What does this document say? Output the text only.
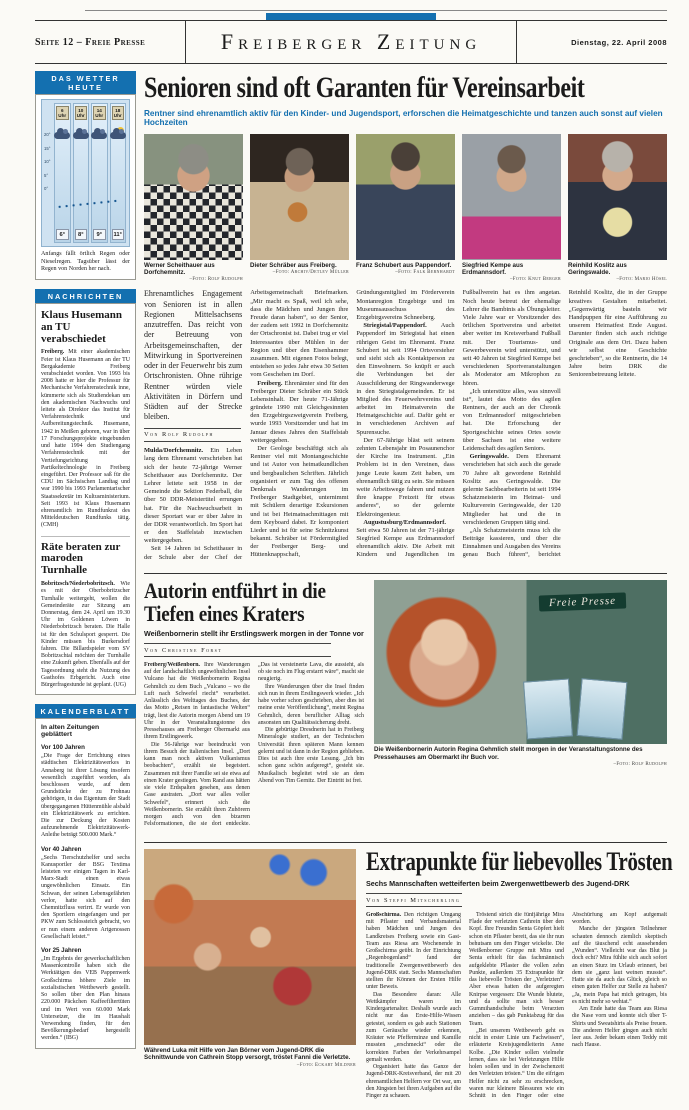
Seite 12 – Freie Presse	Freiberger Zeitung	Dienstag, 22. April 2008
DAS WETTER HEUTE
20°
15°
10°
5°
0°
6 Uhr
6°
10 Uhr
8°
14 Uhr
9°
18 Uhr
11°

Anfangs fällt örtlich Regen oder Nieselregen. Tagsüber lässt der Regen von Norden her nach.

NACHRICHTEN
Klaus Husemann an TU verabschiedet

Freiberg. Mit einer akademischen Feier ist Klaus Husemann an der TU Bergakademie Freiberg verabschiedet worden. Von 1993 bis 2008 hatte er hier die Professur für Mechanische Verfahrenstechnik inne, kümmerte sich als Studiendekan um den akademischen Nachwuchs und leitete als Direktor das Institut für Verfahrenstechnik und Aufbereitungstechnik. Husemann, 1942 in Meißen geboren, war in über 17 Forschungsprojekte eingebunden und hatte 1994 den Studiengang Verfahrenstechnik mit der Vertiefungsrichtung Partikeltechnologie in Freiberg eingeführt. Der Professor saß für die CDU im Sächsischen Landtag und war 1990 bis 1993 Parlamentarischer Staatssekretär im Kultusministerium. Seit 1993 ist Klaus Husemann ehrenamtlich im Rundfunkrat des Mitteldeutschen Rundfunks tätig. (CMH)

Räte beraten zur maroden Turnhalle

Bobritzsch/Niederbobritzsch. Wie es mit der Oberbobritzscher Turnhalle weitergeht, wollen die Gemeinderäte zur Sitzung am Donnerstag, dem 24. April um 19.30 Uhr im Goldenen Löwen in Niederbobritzsch beraten. Die Halle ist für den Schulsport gesperrt. Die Kinder müssen bis Burkersdorf fahren. Die Billardspieler vom SV Bobritzschtal möchten der Turnhalle eine Zukunft geben. Ebenfalls auf der Tagesordnung steht die Nutzung des Gasthofes Erbgericht. Auch eine Bürgerfragestunde ist geplant. (UG)

KALENDERBLATT
In alten Zeitungen geblättert
Vor 100 Jahren

„Die Frage der Errichtung eines städtischen Elektrizitätswerkes in Annaberg ist ihrer Lösung insofern wesentlich zugeführt worden, als beschlossen wurde, auf dem Grundstücke der zu Frohnau gehörigen, in das Eigentum der Stadt übergegangenen Hüttenmühle alsbald ein Elektrizitätswerk zu errichten. Die zur Deckung der Kosten aufzunehmende Elektrizitätswerk-Anleihe beträgt 500.000 Mark.“

Vor 40 Jahren

„Sechs Tierschutzhelfer und sechs Kanusportler der BSG Textima leisteten vor einigen Tagen in Karl-Marx-Stadt einen etwas ungewöhnlichen Einsatz. Ein Schwan, der seinen Lebensgefährten verlor, hatte sich auf den Chemnitzfluss verirrt. Er wurde von den Sportlern eingefangen und per PKW zum Schlossteich gebracht, wo er nun einem anderen Artgenossen Gesellschaft leistet.“

Vor 25 Jahren

„Im Ergebnis der gewerkschaftlichen Massenkontrolle haben sich die Werktätigen des VEB Pappenwerk Großschirma höhere Ziele im sozialistischen Wettbewerb gestellt. So sollen über den Plan hinaus 220.000 Päckchen Kaffeefiltertüten und im Wert von 60.000 Mark Untersetzer, die im Haushalt Verwendung finden, für den Bevölkerungsbedarf hergestellt werden.“ (IBG)

Senioren sind oft Garanten für Vereinsarbeit
Rentner sind ehrenamtlich aktiv für den Kinder- und Jugendsport, erforschen die Heimatgeschichte und tanzen auch sonst auf vielen Hochzeiten
Werner Scheithauer aus Dorfchemnitz.
–Foto: Rolf Rudolph
Dieter Schräber aus Freiberg.
–Foto: Archiv/Detlev Müller
Franz Schubert aus Pappendorf.
–Foto: Falk Bernhardt
Siegfried Kempe aus Erdmannsdorf.
–Foto: Knut Berger
Reinhild Koslitz aus Geringswalde.
–Foto: Mario Hösel

Ehrenamtliches Engagement von Senioren ist in allen Regionen Mittelsachsens anzutreffen. Das reicht von der Betreuung von Arbeitsgemeinschaften, der Mitwirkung in Sportvereinen oder in der Feuerwehr bis zum Ortschronisten. Ohne rührige Rentner würden viele Aktivitäten in Dörfern und Städten auf der Strecke bleiben.

Von Rolf Rudolph

Mulda/Dorfchemnitz. Ein Leben lang dem Ehrenamt verschrieben hat sich der heute 72-jährige Werner Scheithauer aus Dorfchemnitz. Der Lehrer leitete seit 1958 in der Gemeinde die Sektion Federball, die über 50 DDR-Meistertitel errungen hat. Für die Nachwuchsarbeit in dieser Sportart war er über Jahre in der DDR verantwortlich. Im Sport hat er den Staffelstab inzwischen weitergegeben.

Seit 14 Jahren ist Scheithauer in der Schule aber der Chef der Arbeitsgemeinschaft Briefmarken. „Mir macht es Spaß, weil ich sehe, dass die Mädchen und Jungen ihre Freude daran haben“, so der Senior, der zudem seit 1992 in Dorfchemnitz der Ortschronist ist. Dabei trug er viel Interessantes über Mühlen in der Region und über den Eisenhammer zusammen. Mit eigenen Fotos belegt, entstehen so jedes Jahr etwa 30 Seiten vom Geschehen im Dorf.

Freiberg. Ehrenämter sind für den Freiberger Dieter Schräber ein Stück Lebensinhalt. Der heute 71-Jährige gründete 1990 mit Gleichgesinnten den Erzgebirgszweigverein Freiberg, wurde 1993 Vorsitzender und hat im Januar dieses Jahres den Staffelstab weitergegeben.

Der Geologe beschäftigt sich als Rentner viel mit Montangeschichte und ist Autor von heimatkundlichen und bergbaulichen Schriften. Jährlich organisiert er zum Tag des offenen Denkmals Wanderungen im Freiberger Stadtgebiet, unternimmt mit Schülern derartige Exkursionen und ist bei Heimatnachmittagen mit dem Keyboard dabei. Er komponiert Lieder und ist für seine Schnitzkunst bekannt. Schräber ist Fördermitglied der Freiberger Berg- und Hüttenknappschaft, Gründungsmitglied im Förderverein Montanregion Erzgebirge und im Museumsausschuss des Erzgebirgsvereins Schneeberg.

Striegistal/Pappendorf. Auch Pappendorf im Striegistal hat einen rührigen Geist im Ehrenamt. Franz Schubert ist seit 1994 Ortsvorsteher und sieht sich als Kontaktperson zu den Einwohnern. So knüpft er auch die Verbindungen bei der Ausschilderung der Ringwanderwege in den Striegistalgemeinden. Er ist Mitglied des Feuerwehrvereins und arbeitet im Heimatverein die Heimatgeschichte auf. Dafür geht er in verschiedenen Archiven auf Spurensuche.

Der 67-Jährige bläst seit seinem zehnten Lebensjahr im Posaunenchor der Kirche ins Instrument. „Ein Problem ist in den Vereinen, dass junge Leute kaum Zeit haben, um ehrenamtlich tätig zu sein. Sie müssen weite Arbeitswege fahren und nutzen ihre knappe Freizeit für etwas anderes“, so der gelernte Elektroingenieur.

Augustusburg/Erdmannsdorf. Seit etwa 50 Jahren ist der 71-jährige Siegfried Kempe aus Erdmannsdorf ehrenamtlich aktiv. Die Arbeit mit Kindern und Jugendlichen im Fußballverein hat es ihm angetan. Noch heute betreut der ehemalige Lehrer die Bambinis als Übungsleiter. Viele Jahre war er Vorsitzender des örtlichen Sportvereins und arbeitet aber weiter im Kreisverband Fußball mit. Der Tourismus- und Gewerbeverein wird unterstützt, und seit 40 Jahren ist Siegfried Kempe bei verschiedenen Sportveranstaltungen als Moderator am Mikrophon zu hören.

„Ich unterstütze alles, was sinnvoll ist“, lautet das Motto des agilen Rentners, der auch an der Chronik von Erdmannsdorf mitgeschrieben hat. Die Erforschung der Sportgeschichte seines Ortes sowie über Sachsen ist eine weitere Leidenschaft des agilen Seniors.

Geringswalde. Dem Ehrenamt verschrieben hat sich auch die gerade 70 Jahre alt gewordene Reinhild Koslitz aus Geringswalde. Die gelernte Sachbearbeiterin ist seit 1994 Schatzmeisterin im Heimat- und Kulturverein Geringswalde, der 120 Mitglieder hat und die in verschiedenen Gruppen tätig sind.

„Als Schatzmeisterin muss ich die Beiträge kassieren, und über die Einnahmen und Ausgaben des Vereins genau Buch führen“, berichtet Reinhild Koslitz, die in der Gruppe kreatives Gestalten mitarbeitet. „Gegenwärtig basteln wir Handpuppen für eine Aufführung zu unserem Heimatfest Ende August. Darunter finden sich auch richtige Originale aus dem Ort. Dazu haben wir selbst eine Geschichte geschrieben“, so die Rentnerin, die 14 Jahre beim DRK die Seniorenbetreuung leitete.

Autorin entführt in die Tiefen eines Kraters
Weißenbornerin stellt ihr Erstlingswerk morgen in der Tonne vor
Von Christine Forst

Freiberg/Weißenborn. Ihre Wanderungen auf der landschaftlich ungewöhnlichen Insel Vulcano hat die Weißenbornerin Regina Gehmlich zu dem Buch „Vulcano – wo die Luft nach Schwefel riecht“ verarbeitet. Anlässlich des Welttages des Buches, der das Motto „Reisen in fantastische Welten“ trägt, liest die Autorin morgen Abend um 19 Uhr in der Veranstaltungstonne des Pressehauses am Freiberger Obermarkt aus ihrem Erstlingswerk.

Die 56-Jährige war beeindruckt von ihrem Besuch der italienischen Insel. „Dort kann man noch aktiven Vulkanismus beobachten“, erzählt sie begeistert. Zusammen mit ihrer Familie sei sie etwa auf einen Krater gestiegen. Vom Rand aus hätten sie viele Erdspalten gesehen, aus denen Gase austraten. „Dort war alles voller Schwefel“, erinnert sich die Weißenbornerin. Sie erzählt ihren Zuhörern morgen auch von den bizarren Felsformationen, die sie dort entdeckte. „Das ist versteinerte Lava, die aussieht, als ob sie noch im Flug erstarrt wäre“, macht sie neugierig.

Ihre Wanderungen über die Insel finden sich nun in ihrem Erstlingswerk wieder. „Ich habe vorher schon geschrieben, aber dies ist meine erste Veröffentlichung“, meint Regina Gehmlich, deren beruflicher Alltag sich ansonsten um Qualitätssicherung dreht.

Die gebürtige Dresdnerin hat in Freiberg Mineralogie studiert, an der Technischen Universität ihren späteren Mann kennen gelernt und ist dann in der Region geblieben. Dies ist auch ihre erste Lesung. „Ich bin schon ganz schön aufgeregt“, gesteht sie. Musikalisch begleitet wird sie an dem Abend von Tim Gernitz. Der Eintritt ist frei.

Freie Presse
Die Weißenbornerin Autorin Regina Gehmlich stellt morgen in der Veranstaltungstonne des Pressehauses am Obermarkt ihr Buch vor.
–Foto: Rolf Rudolph
Während Luka mit Hilfe von Jan Börner vom Jugend-DRK die Schnittwunde von Cathrein Stopp versorgt, tröstet Fanni die Verletzte.
–Foto: Eckart Mildner
Extrapunkte für liebevolles Trösten
Sechs Mannschaften wetteiferten beim Zwergenwettbewerb des Jugend-DRK
Von Steffi Mitscherling

Großschirma. Den richtigen Umgang mit Pflaster und Verbandsmaterial haben Mädchen und Jungen des Landkreises Freiberg sowie ein Gast-Team aus Riesa am Wochenende in Großschirma geübt. In der Einrichtung „Regenbogenland“ fand der traditionelle Zwergenwettbewerb des Jugend-DRK statt. Sechs Mannschaften stellten ihr Können der Ersten Hilfe unter Beweis.

Das Besondere daran: Alle Wettkämpfer waren im Kindergartenalter. Deshalb wurde auch nicht nur das Erste-Hilfe-Wissen getestet, sondern es gab auch Stationen zum Geräusche wieder erkennen, Kräuter wie Pfefferminze und Kamille mussten „erschmeckt“ oder die korrekten Farben der Verkehrsampel gemalt werden.

Organisiert hatte das Ganze der Jugend-DRK-Kreisverband, der mit 20 ehrenamtlichen Helfern vor Ort war, um den Jüngsten bei ihren Aufgaben auf die Finger zu schauen.

Tröstend strich die fünfjährige Mira Flade der verletzten Cathrein über den Kopf. Ihre Freundin Senta Göpfert hielt schon ein Pflaster bereit, das sie ihr nun behutsam um den Finger wickelte. Die Weißenborner Gruppe mit Mira und Senta erhielt für das fachmännisch aufgeklebte Pflaster die vollen zehn Punkte, außerdem 35 Extrapunkte für das liebevolle Trösten der „Verletzten“. Aber etwas hatten die aufgeregten Knirpse vergessen: Die Wunde blutete, und da sollte man sich besser Gummihandschuhe beim Verarzten anziehen – das gab Punktabzug für das Team.

„Bei unserem Wettbewerb geht es nicht in erster Linie um Fachwissen“, erläuterte Kreisjugendleiterin Anne Kolbe. „Die Kinder sollen vielmehr lernen, dass sie bei Verletzungen Hilfe holen sollen und in der Zwischenzeit den Verletzten trösten.“ Um die eifrigen Helfer nicht zu sehr zu erschrecken, waren nur kleinere Blessuren wie ein Schnitt in den Finger oder eine Abschürfung am Kopf aufgemalt worden.

Manche der jüngsten Teilnehmer schauten dennoch ziemlich skeptisch auf die täuschend echt aussehenden „Wunden“. Vielleicht war das Blut ja doch echt? Mira fühlte sich auch sofort an einen Sturz im Urlaub erinnert, bei dem sie „ganz laut weinen musste“. Hatte sie da auch das Glück, gleich so einen guten Helfer zur Stelle zu haben? „Ja, mein Papa hat mich getragen, bis es nicht mehr so wehtat.“

Am Ende hatte das Team aus Riesa die Nase vorn und konnte sich über T-Shirts und Sweatshirts als Preise freuen. Die anderen Helfer gingen auch nicht leer aus. Jeder bekam einen Teddy mit nach Hause.
